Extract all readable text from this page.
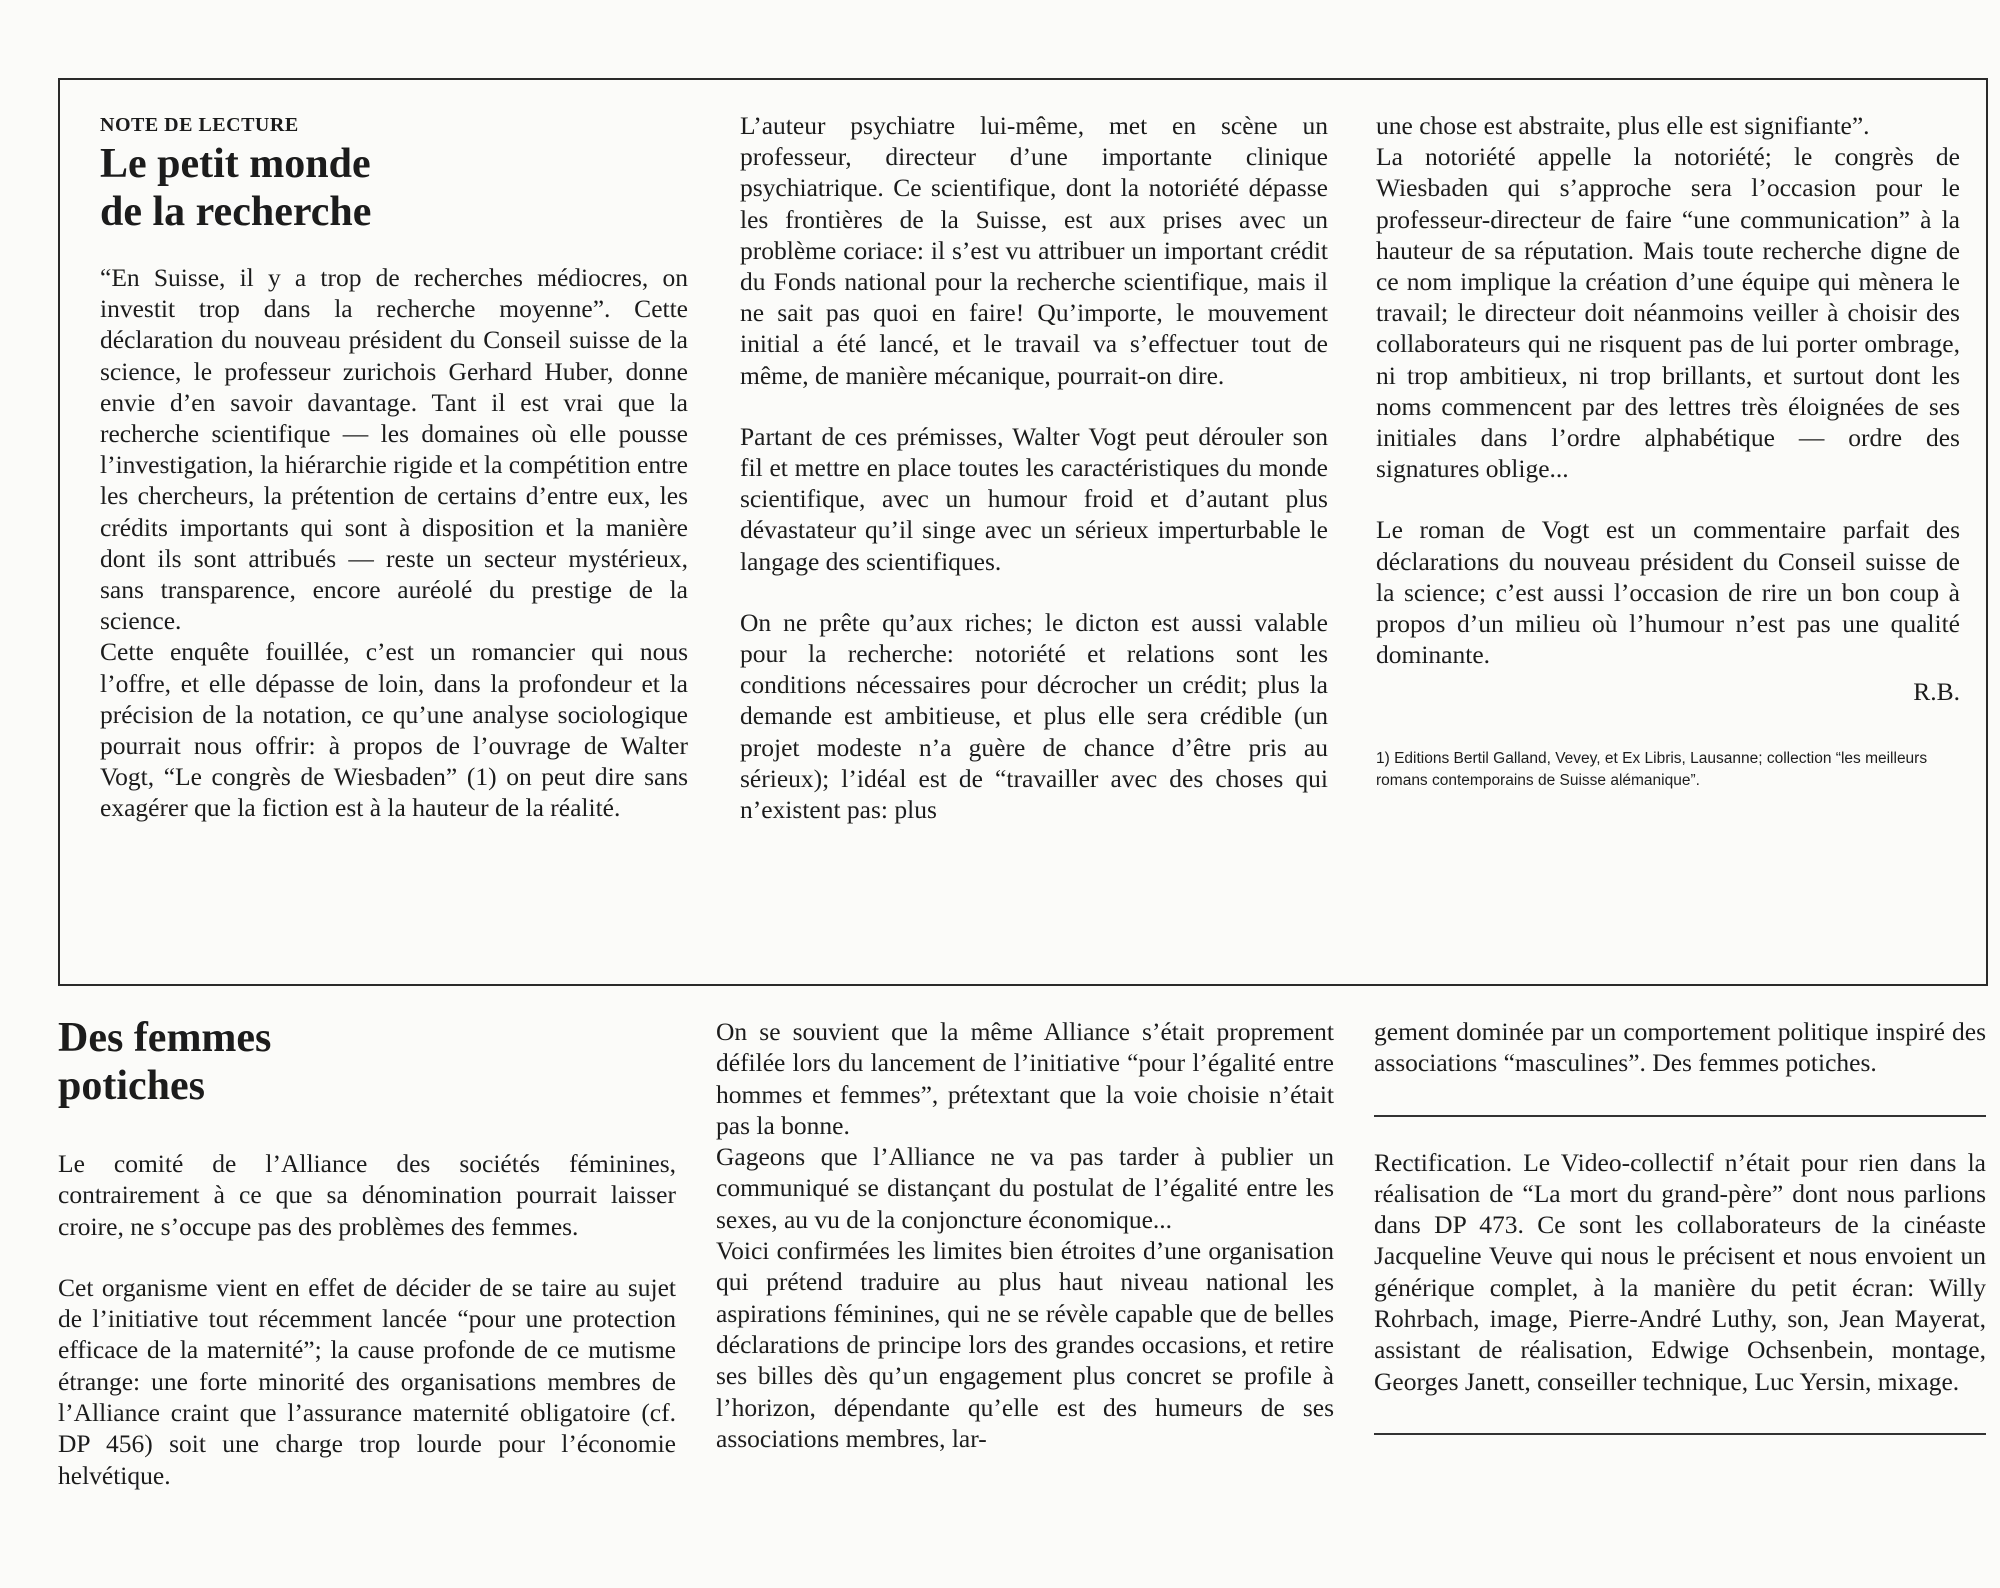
NOTE DE LECTURE
Le petit monde
de la recherche

“En Suisse, il y a trop de recherches médiocres, on investit trop dans la recherche moyenne”. Cette déclaration du nouveau président du Conseil suisse de la science, le professeur zurichois Gerhard Huber, donne envie d’en savoir davantage. Tant il est vrai que la recherche scientifique — les domaines où elle pousse l’investigation, la hiérarchie rigide et la compétition entre les chercheurs, la prétention de certains d’entre eux, les crédits importants qui sont à disposition et la manière dont ils sont attribués — reste un secteur mystérieux, sans transparence, encore auréolé du prestige de la science.

Cette enquête fouillée, c’est un romancier qui nous l’offre, et elle dépasse de loin, dans la profondeur et la précision de la notation, ce qu’une analyse sociologique pourrait nous offrir: à propos de l’ouvrage de Walter Vogt, “Le congrès de Wiesbaden” (1) on peut dire sans exagérer que la fiction est à la hauteur de la réalité.

L’auteur psychiatre lui-même, met en scène un professeur, directeur d’une importante clinique psychiatrique. Ce scientifique, dont la notoriété dépasse les frontières de la Suisse, est aux prises avec un problème coriace: il s’est vu attribuer un important crédit du Fonds national pour la recherche scientifique, mais il ne sait pas quoi en faire! Qu’importe, le mouvement initial a été lancé, et le travail va s’effectuer tout de même, de manière mécanique, pourrait-on dire.

Partant de ces prémisses, Walter Vogt peut dérouler son fil et mettre en place toutes les caractéristiques du monde scientifique, avec un humour froid et d’autant plus dévastateur qu’il singe avec un sérieux imperturbable le langage des scientifiques.

On ne prête qu’aux riches; le dicton est aussi valable pour la recherche: notoriété et relations sont les conditions nécessaires pour décrocher un crédit; plus la demande est ambitieuse, et plus elle sera crédible (un projet modeste n’a guère de chance d’être pris au sérieux); l’idéal est de “travailler avec des choses qui n’existent pas: plus

une chose est abstraite, plus elle est signifiante”.

La notoriété appelle la notoriété; le congrès de Wiesbaden qui s’approche sera l’occasion pour le professeur-directeur de faire “une communication” à la hauteur de sa réputation. Mais toute recherche digne de ce nom implique la création d’une équipe qui mènera le travail; le directeur doit néanmoins veiller à choisir des collaborateurs qui ne risquent pas de lui porter ombrage, ni trop ambitieux, ni trop brillants, et surtout dont les noms commencent par des lettres très éloignées de ses initiales dans l’ordre alphabétique — ordre des signatures oblige...

Le roman de Vogt est un commentaire parfait des déclarations du nouveau président du Conseil suisse de la science; c’est aussi l’occasion de rire un bon coup à propos d’un milieu où l’humour n’est pas une qualité dominante.

R.B.
1) Editions Bertil Galland, Vevey, et Ex Libris, Lausanne; collection “les meilleurs romans contemporains de Suisse alémanique”.
Des femmes
potiches

Le comité de l’Alliance des sociétés féminines, contrairement à ce que sa dénomination pourrait laisser croire, ne s’occupe pas des problèmes des femmes.

Cet organisme vient en effet de décider de se taire au sujet de l’initiative tout récemment lancée “pour une protection efficace de la maternité”; la cause profonde de ce mutisme étrange: une forte minorité des organisations membres de l’Alliance craint que l’assurance maternité obligatoire (cf. DP 456) soit une charge trop lourde pour l’économie helvétique.

On se souvient que la même Alliance s’était proprement défilée lors du lancement de l’initiative “pour l’égalité entre hommes et femmes”, prétextant que la voie choisie n’était pas la bonne.

Gageons que l’Alliance ne va pas tarder à publier un communiqué se distançant du postulat de l’égalité entre les sexes, au vu de la conjoncture économique...

Voici confirmées les limites bien étroites d’une organisation qui prétend traduire au plus haut niveau national les aspirations féminines, qui ne se révèle capable que de belles déclarations de principe lors des grandes occasions, et retire ses billes dès qu’un engagement plus concret se profile à l’horizon, dépendante qu’elle est des humeurs de ses associations membres, lar-

gement dominée par un comportement politique inspiré des associations “masculines”. Des femmes potiches.

Rectification. Le Video-collectif n’était pour rien dans la réalisation de “La mort du grand-père” dont nous parlions dans DP 473. Ce sont les collaborateurs de la cinéaste Jacqueline Veuve qui nous le précisent et nous envoient un générique complet, à la manière du petit écran: Willy Rohrbach, image, Pierre-André Luthy, son, Jean Mayerat, assistant de réalisation, Edwige Ochsenbein, montage, Georges Janett, conseiller technique, Luc Yersin, mixage.
